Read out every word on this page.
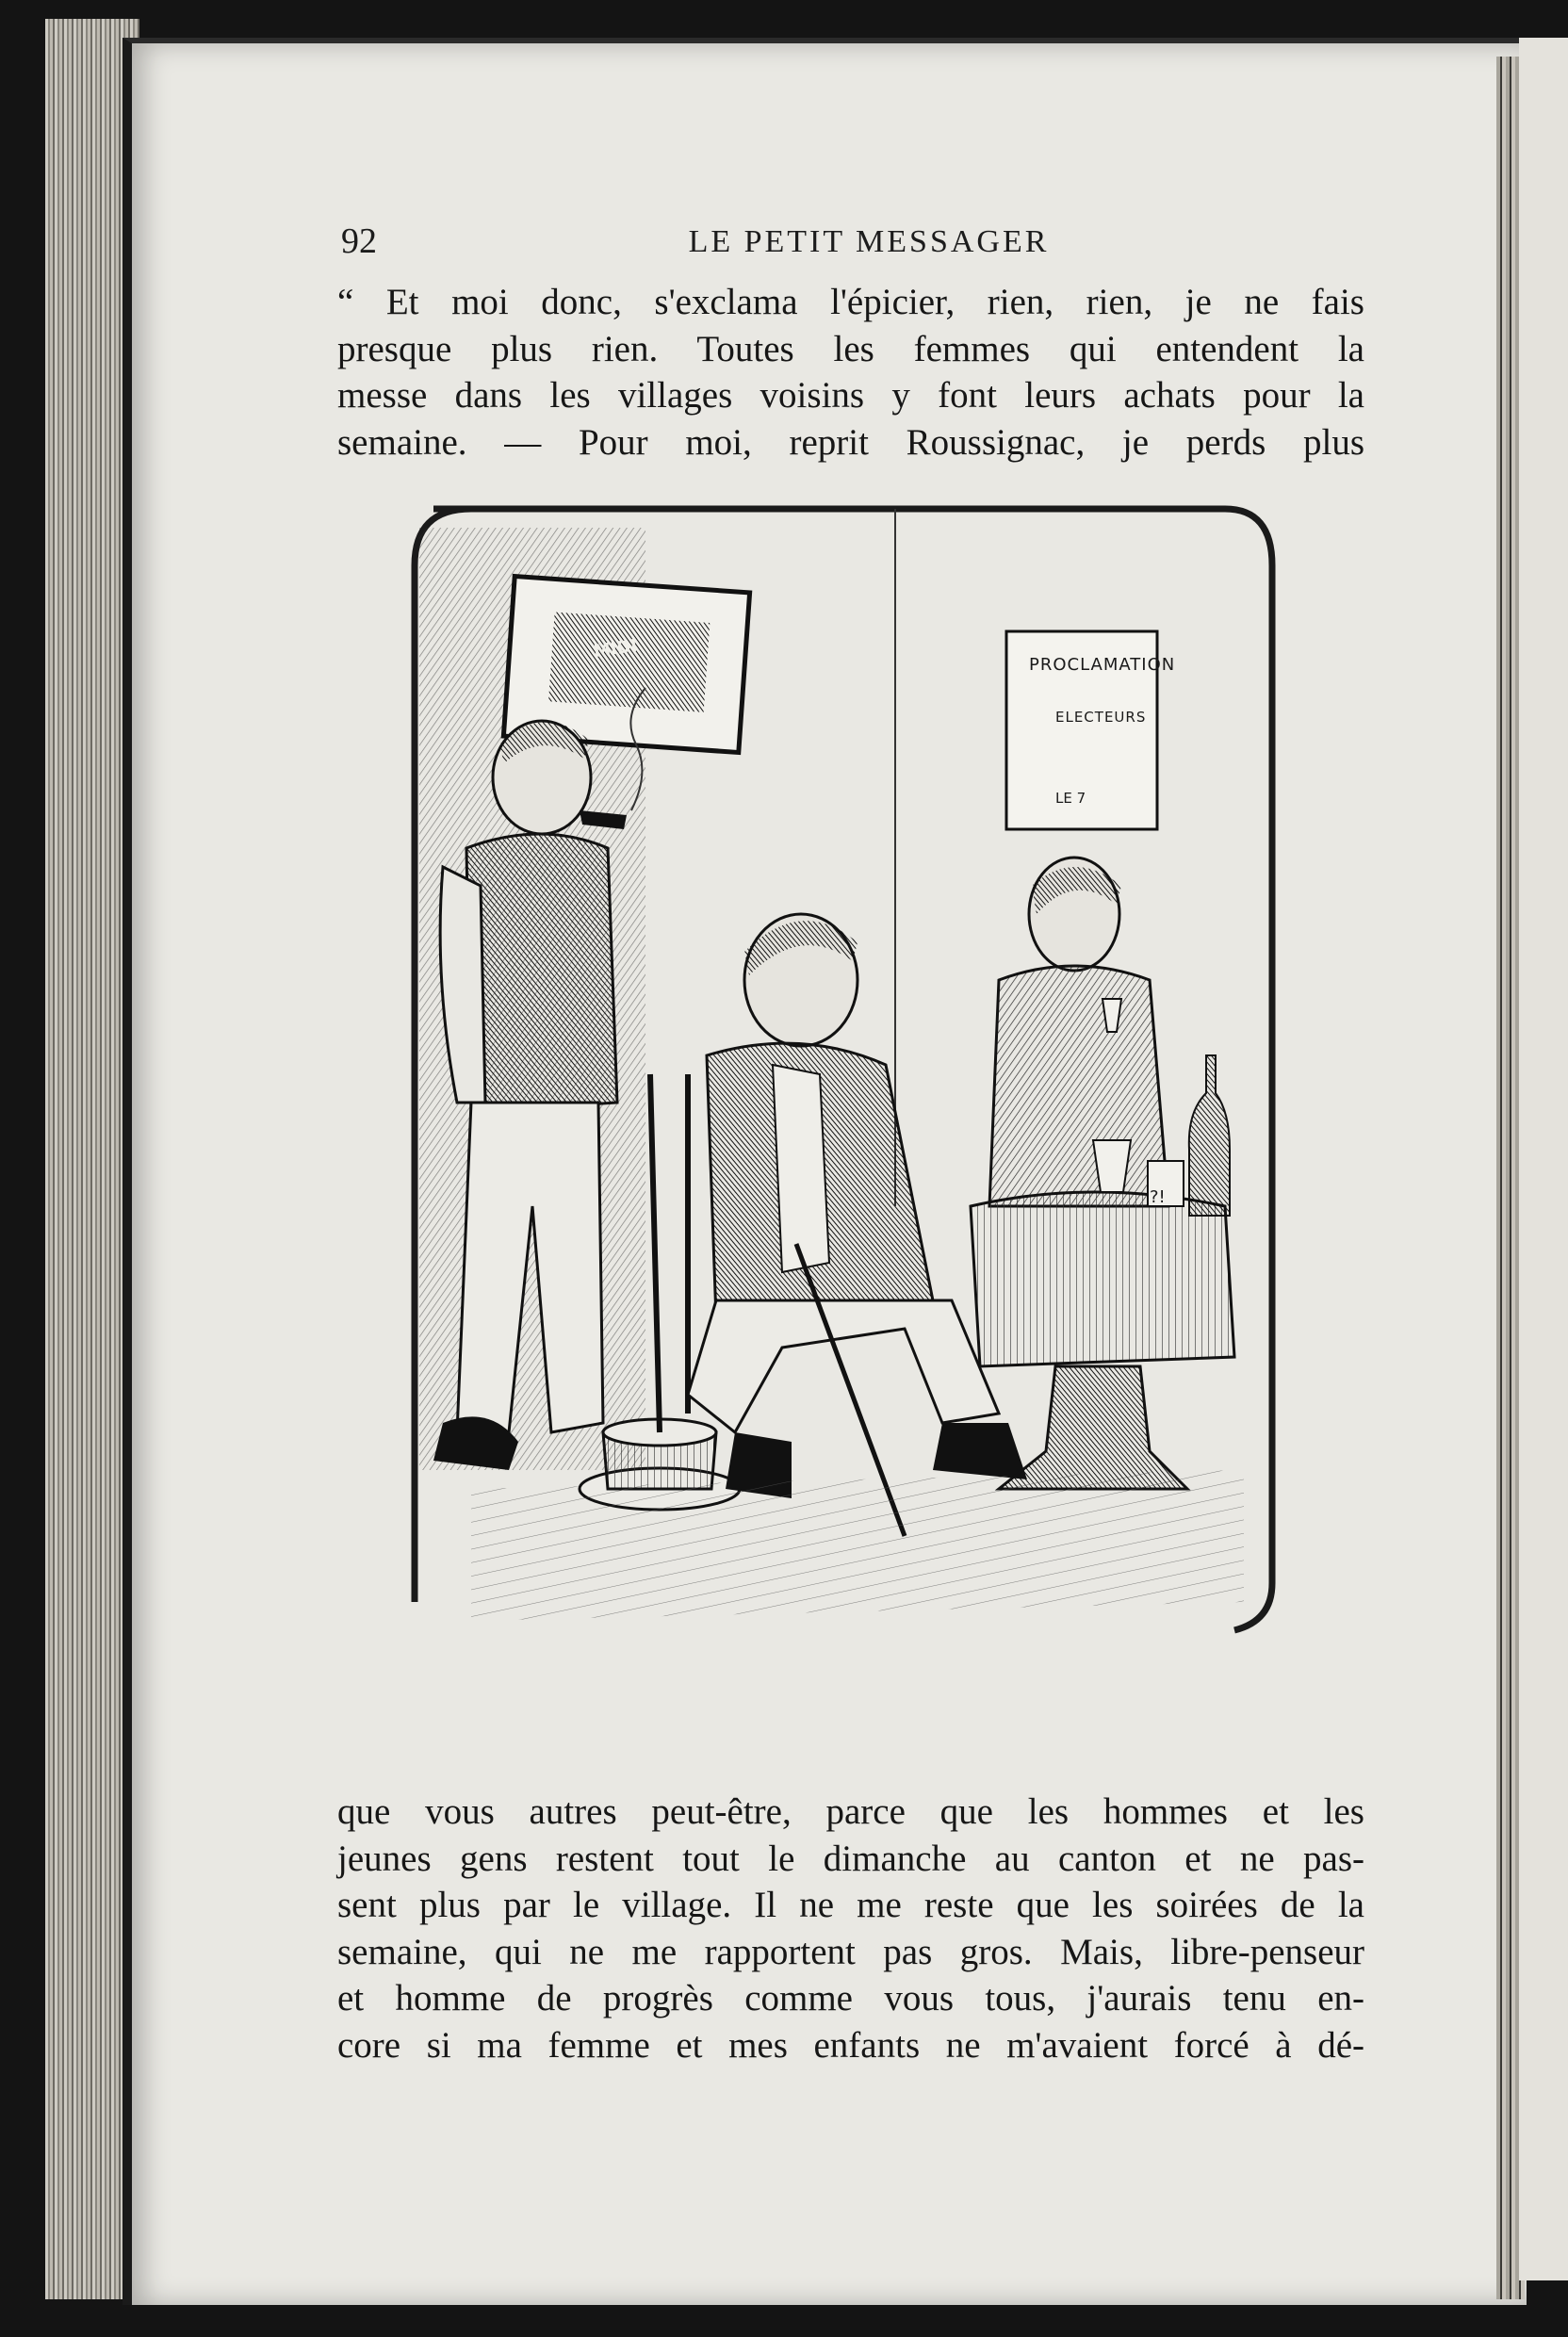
92	LE PETIT MESSAGER
“ Et moi donc, s'exclama l'épicier, rien, rien, je ne fais
presque plus rien. Toutes les femmes qui entendent la
messe dans les villages voisins y font leurs achats pour la
semaine. — Pour moi, reprit Roussignac, je perds plus
MIDI
PROCLAMATION
ELECTEURS
LE 7
?!
que vous autres peut-être, parce que les hommes et les
jeunes gens restent tout le dimanche au canton et ne pas-
sent plus par le village. Il ne me reste que les soirées de la
semaine, qui ne me rapportent pas gros. Mais, libre-penseur
et homme de progrès comme vous tous, j'aurais tenu en-
core si ma femme et mes enfants ne m'avaient forcé à dé-
